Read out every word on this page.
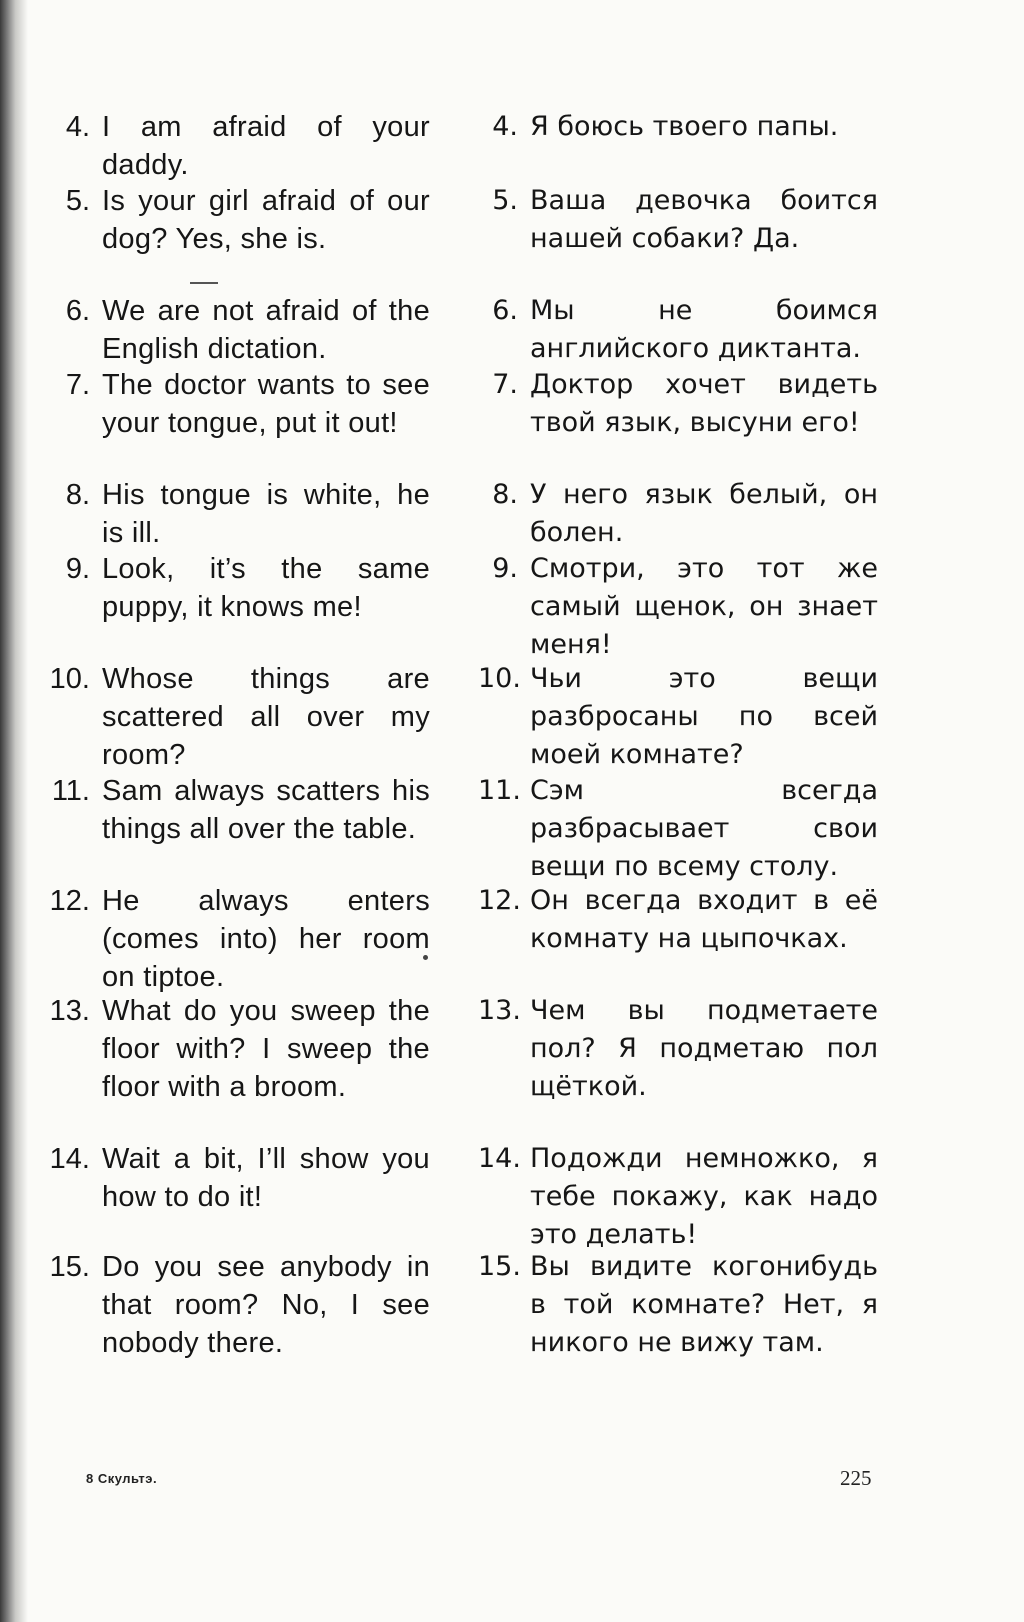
4. I am afraid of your daddy.
5. Is your girl afraid of our dog? Yes, she is.
6. We are not afraid of the English dictation.
7. The doctor wants to see your tongue, put it out!
8. His tongue is white, he is ill.
9. Look, it’s the same puppy, it knows me!
10. Whose things are scattered all over my room?
11. Sam always scatters his things all over the table.
12. He always enters (comes into) her room on tiptoe.
13. What do you sweep the floor with? I sweep the floor with a broom.
14. Wait a bit, I’ll show you how to do it!
15. Do you see anybody in that room? No, I see nobody there.
4. Я боюсь твоего папы.
5. Ваша девочка боится нашей собаки? Да.
6. Мы не боимся английского диктанта.
7. Доктор хочет видеть твой язык, высуни его!
8. У него язык белый, он болен.
9. Смотри, это тот же самый щенок, он знает меня!
10. Чьи это вещи разбросаны по всей моей комнате?
11. Сэм всегда разбрасывает свои вещи по всему столу.
12. Он всегда входит в её комнату на цыпочках.
13. Чем вы подметаете пол? Я подметаю пол щёткой.
14. Подожди немножко, я тебе покажу, как надо это делать!
15. Вы видите когонибудь в той комнате? Нет, я никого не вижу там.
8 Скультэ.	225
